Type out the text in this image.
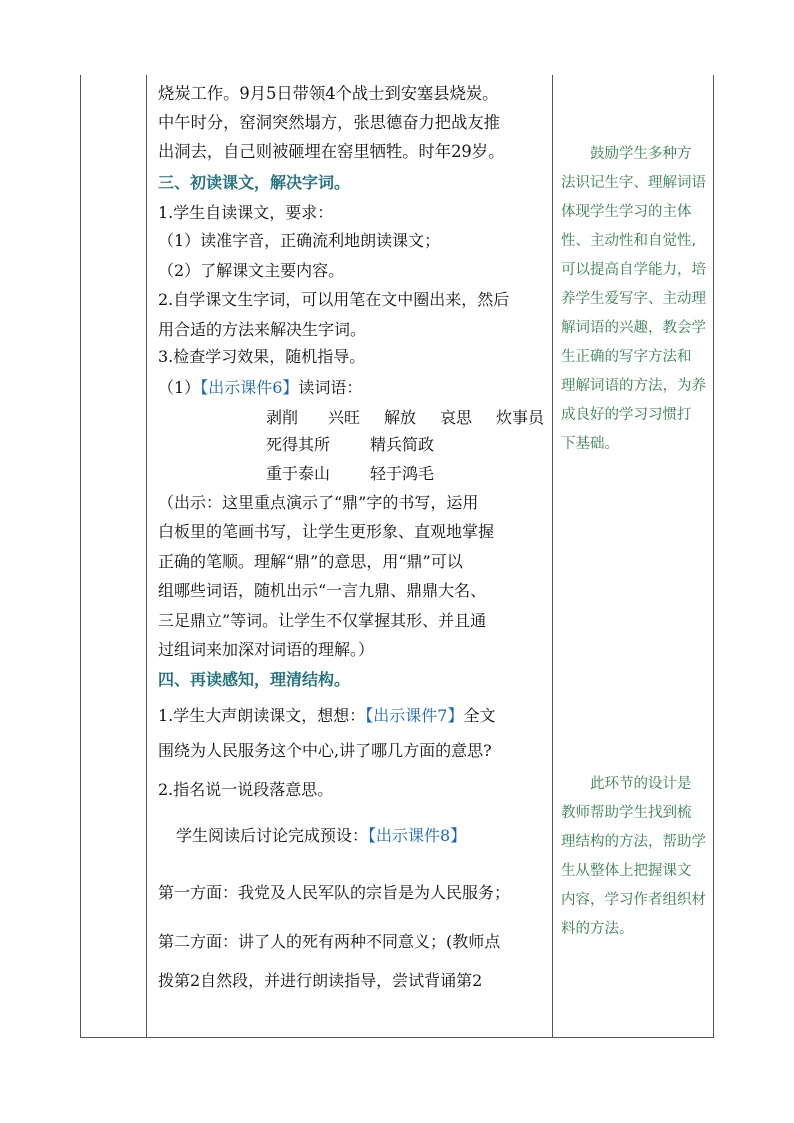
烧炭工作。9月5日带领4个战士到安塞县烧炭。
中午时分，窑洞突然塌方，张思德奋力把战友推
出洞去，自己则被砸埋在窑里牺牲。时年29岁。
三、初读课文，解决字词。
1.学生自读课文，要求：
（1）读准字音，正确流利地朗读课文；
（2）了解课文主要内容。
2.自学课文生字词，可以用笔在文中圈出来，然后
用合适的方法来解决生字词。
3.检查学习效果，随机指导。
（1）【出示课件6】读词语：
剥削 兴旺 解放 哀思 炊事员
死得其所 精兵简政
重于泰山 轻于鸿毛
（出示：这里重点演示了“鼎”字的书写，运用
白板里的笔画书写，让学生更形象、直观地掌握
正确的笔顺。理解“鼎”的意思，用“鼎”可以
组哪些词语，随机出示“一言九鼎、鼎鼎大名、
三足鼎立”等词。让学生不仅掌握其形、并且通
过组词来加深对词语的理解。）
四、再读感知，理清结构。
1.学生大声朗读课文，想想：【出示课件7】全文
围绕为人民服务这个中心,讲了哪几方面的意思?
2.指名说一说段落意思。
学生阅读后讨论完成预设：【出示课件8】
第一方面：我党及人民军队的宗旨是为人民服务；
第二方面：讲了人的死有两种不同意义；(教师点
拨第2自然段，并进行朗读指导，尝试背诵第2
　　鼓励学生多种方
法识记生字、理解词语
体现学生学习的主体
性、主动性和自觉性,
可以提高自学能力，培
养学生爱写字、主动理
解词语的兴趣，教会学
生正确的写字方法和
理解词语的方法，为养
成良好的学习习惯打
下基础。
　　此环节的设计是
教师帮助学生找到梳
理结构的方法，帮助学
生从整体上把握课文
内容，学习作者组织材
料的方法。
